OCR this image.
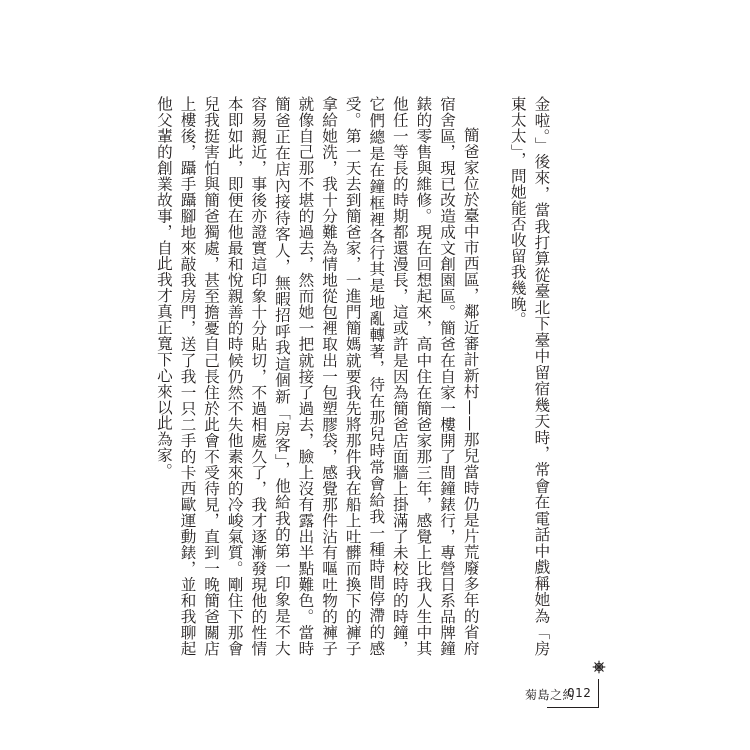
金啦。」後來，當我打算從臺北下臺中留宿幾天時，常會在電話中戲稱她為「房東太太」，問她能否收留我幾晚。

簡爸家位於臺中市西區，鄰近審計新村——那兒當時仍是片荒廢多年的省府宿舍區，現已改造成文創園區。簡爸在自家一樓開了間鐘錶行，專營日系品牌鐘錶的零售與維修。現在回想起來，高中住在簡爸家那三年，感覺上比我人生中其他任一等長的時期都還漫長，這或許是因為簡爸店面牆上掛滿了未校時的時鐘，它們總是在鐘框裡各行其是地亂轉著，待在那兒時常會給我一種時間停滯的感受。第一天去到簡爸家，一進門簡媽就要我先將那件我在船上吐髒而換下的褲子拿給她洗，我十分難為情地從包裡取出一包塑膠袋，感覺那件沾有嘔吐物的褲子就像自己那不堪的過去，然而她一把就接了過去，臉上沒有露出半點難色。當時簡爸正在店內接待客人，無暇招呼我這個新「房客」，他給我的第一印象是不大容易親近，事後亦證實這印象十分貼切，不過相處久了，我才逐漸發現他的性情本即如此，即便在他最和悅親善的時候仍然不失他素來的冷峻氣質。剛住下那會兒我挺害怕與簡爸獨處，甚至擔憂自己長住於此會不受待見，直到一晚簡爸關店上樓後，躡手躡腳地來敲我房門，送了我一只二手的卡西歐運動錶，並和我聊起他父輩的創業故事，自此我才真正寬下心來以此為家。

菊島之約
012
